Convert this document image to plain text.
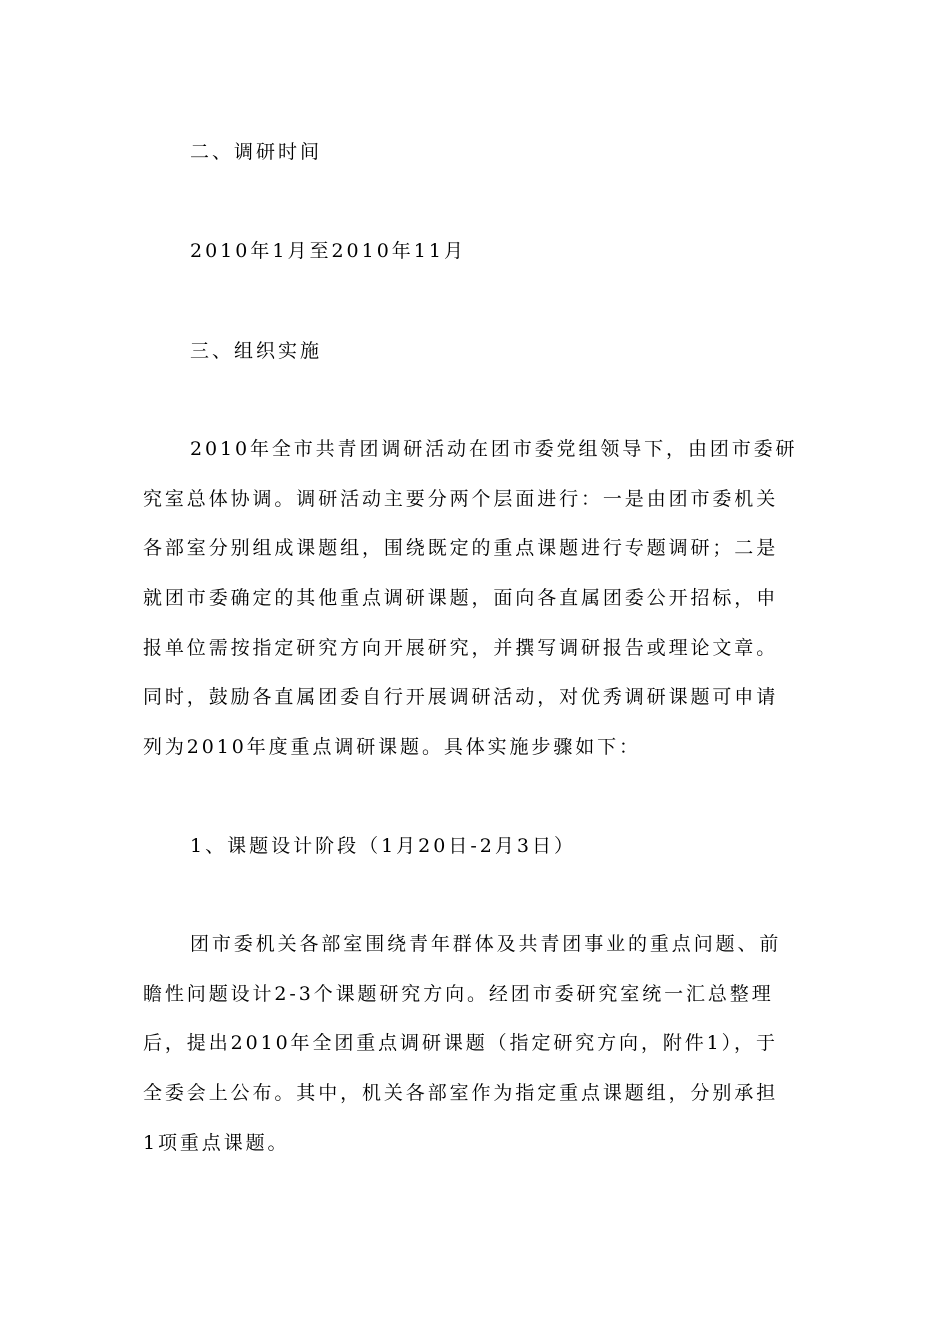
二、调研时间
2010年1月至2010年11月
三、组织实施
2010年全市共青团调研活动在团市委党组领导下，由团市委研
究室总体协调。调研活动主要分两个层面进行：一是由团市委机关
各部室分别组成课题组，围绕既定的重点课题进行专题调研；二是
就团市委确定的其他重点调研课题，面向各直属团委公开招标，申
报单位需按指定研究方向开展研究，并撰写调研报告或理论文章。
同时，鼓励各直属团委自行开展调研活动，对优秀调研课题可申请
列为2010年度重点调研课题。具体实施步骤如下：
1、课题设计阶段（1月20日-2月3日）
团市委机关各部室围绕青年群体及共青团事业的重点问题、前
瞻性问题设计2-3个课题研究方向。经团市委研究室统一汇总整理
后，提出2010年全团重点调研课题（指定研究方向，附件1），于
全委会上公布。其中，机关各部室作为指定重点课题组，分别承担
1项重点课题。
